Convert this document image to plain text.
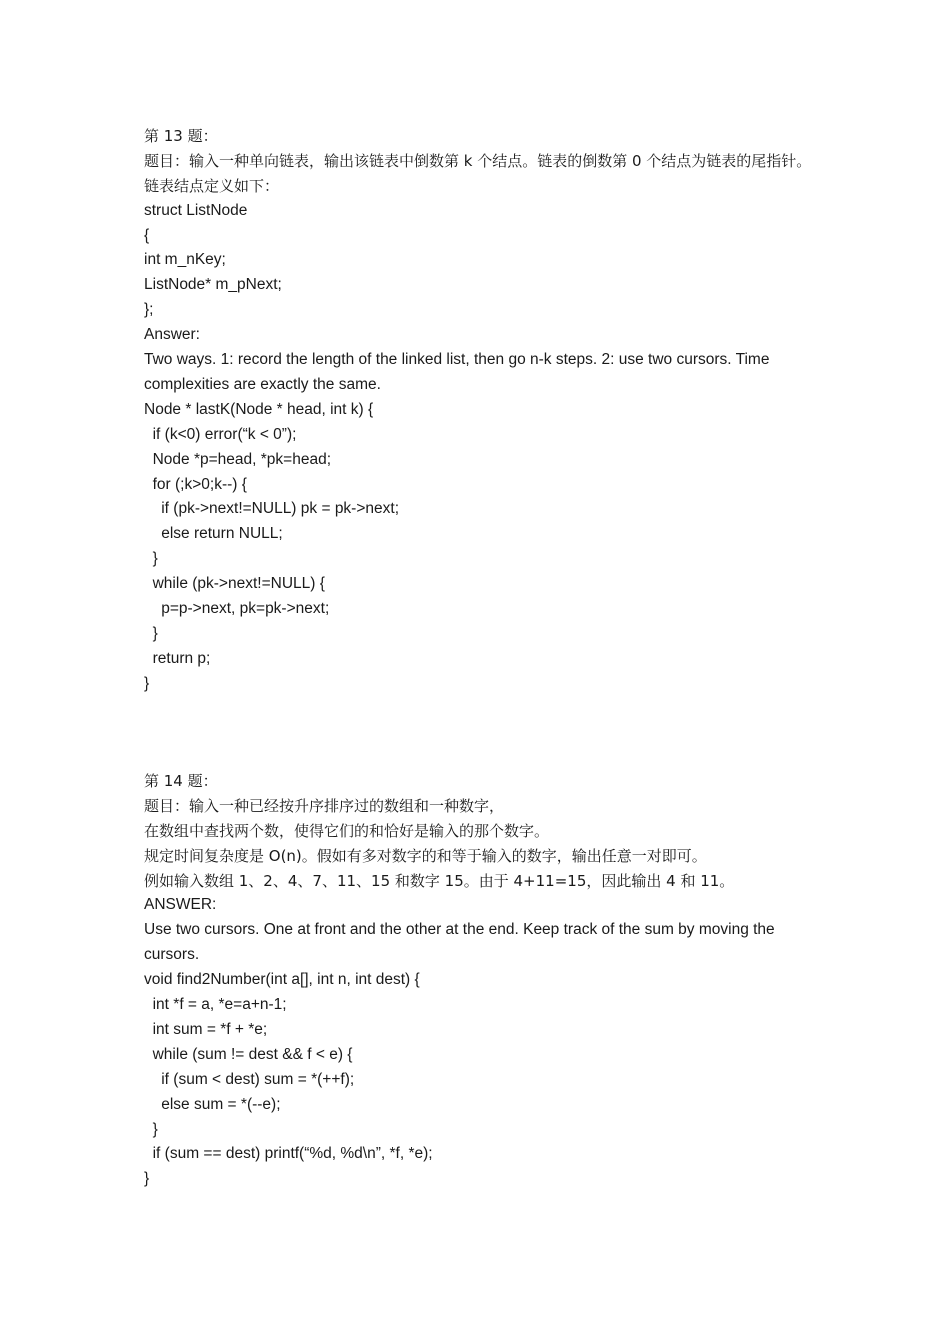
第 13 题：

题目：输入一种单向链表，输出该链表中倒数第 k 个结点。链表的倒数第 0 个结点为链表的尾指针。

链表结点定义如下：

struct ListNode

{

int m_nKey;

ListNode* m_pNext;

};

Answer:

Two ways. 1: record the length of the linked list, then go n-k steps. 2: use two cursors. Time complexities are exactly the same.

Node * lastK(Node * head, int k) {

if (k<0) error(“k < 0”);

Node *p=head, *pk=head;

for (;k>0;k--) {

if (pk->next!=NULL) pk = pk->next;

else return NULL;

}

while (pk->next!=NULL) {

p=p->next, pk=pk->next;

}

return p;

}

第 14 题：

题目：输入一种已经按升序排序过的数组和一种数字，

在数组中查找两个数，使得它们的和恰好是输入的那个数字。

规定时间复杂度是 O(n)。假如有多对数字的和等于输入的数字，输出任意一对即可。

例如输入数组 1、2、4、7、11、15 和数字 15。由于 4+11=15，因此输出 4 和 11。

ANSWER:

Use two cursors. One at front and the other at the end. Keep track of the sum by moving the cursors.

void find2Number(int a[], int n, int dest) {

int *f = a, *e=a+n-1;

int sum = *f + *e;

while (sum != dest && f < e) {

if (sum < dest) sum = *(++f);

else sum = *(--e);

}

if (sum == dest) printf(“%d, %d\n”, *f, *e);

}
